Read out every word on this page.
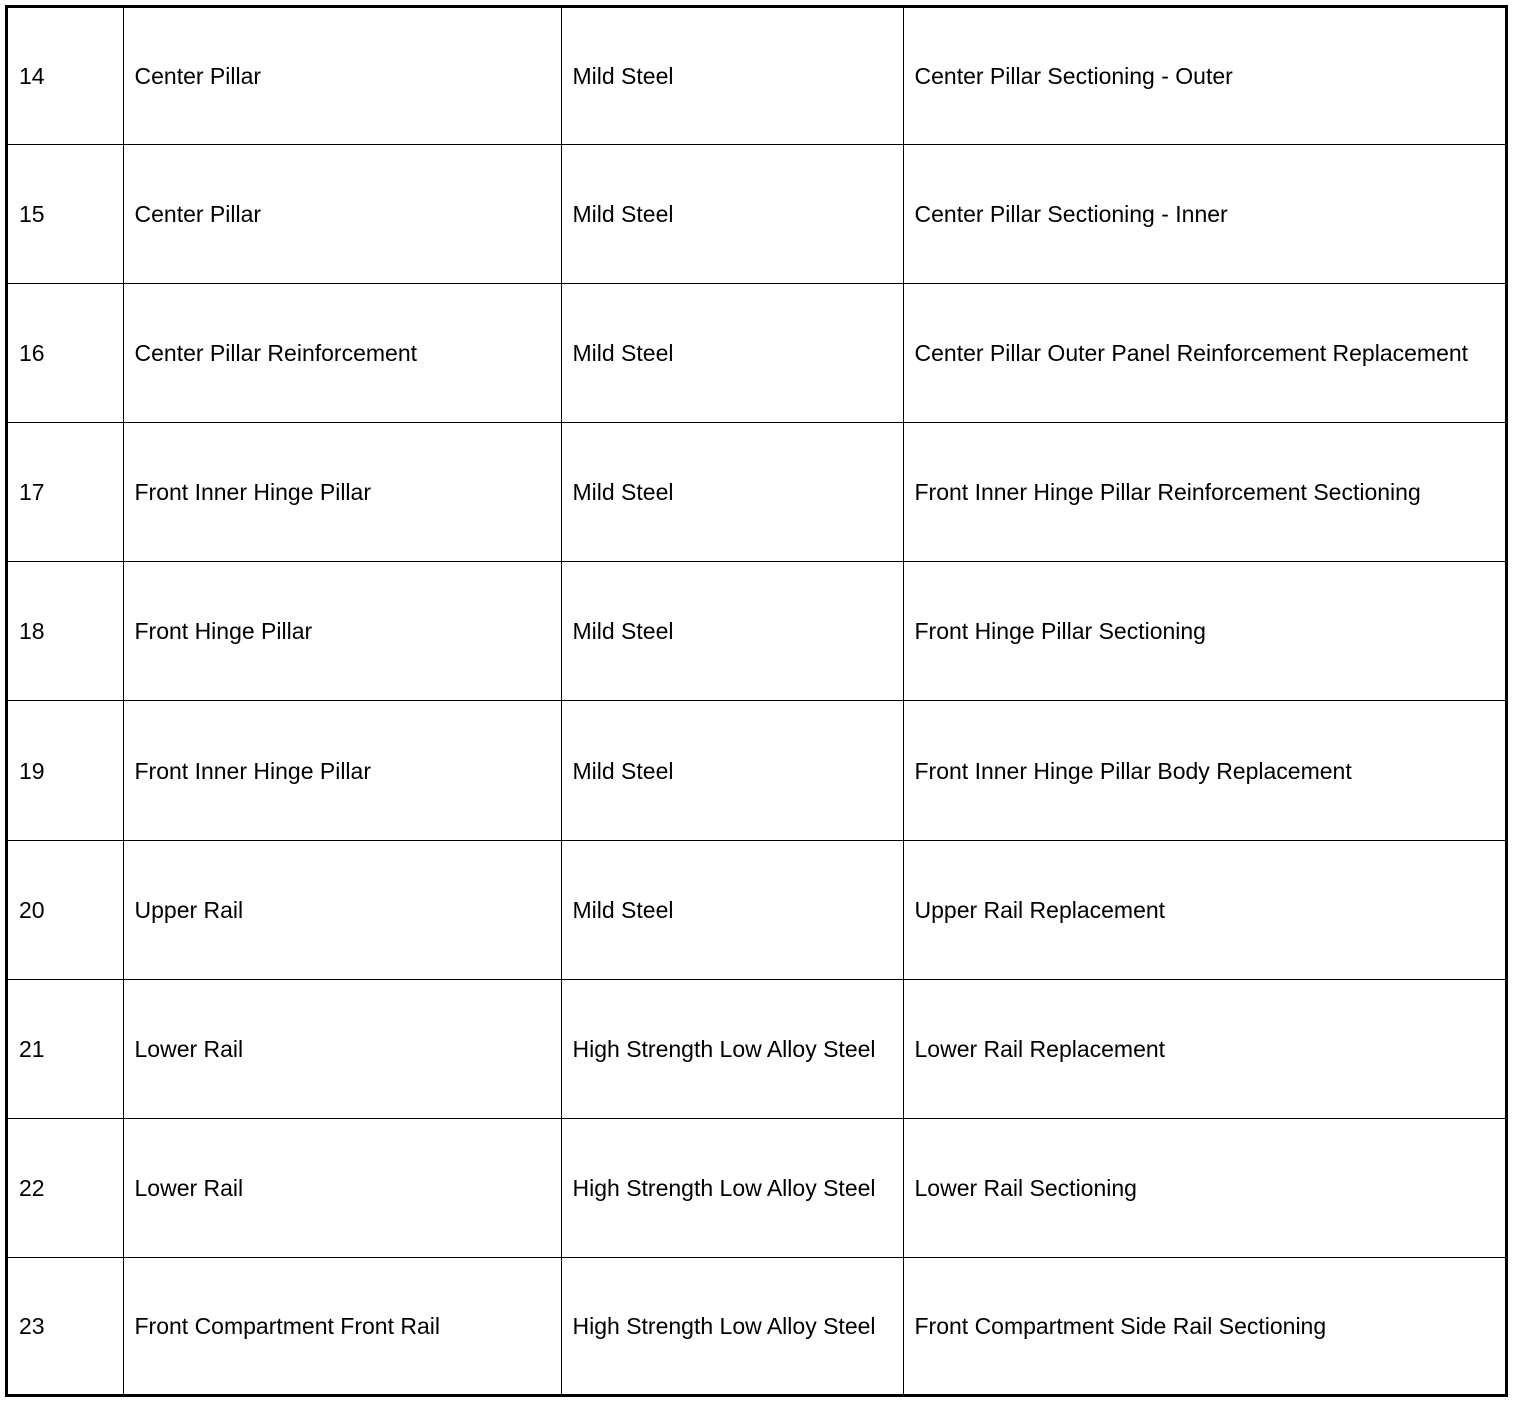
14	Center Pillar	Mild Steel	Center Pillar Sectioning - Outer
15	Center Pillar	Mild Steel	Center Pillar Sectioning - Inner
16	Center Pillar Reinforcement	Mild Steel	Center Pillar Outer Panel Reinforcement Replacement
17	Front Inner Hinge Pillar	Mild Steel	Front Inner Hinge Pillar Reinforcement Sectioning
18	Front Hinge Pillar	Mild Steel	Front Hinge Pillar Sectioning
19	Front Inner Hinge Pillar	Mild Steel	Front Inner Hinge Pillar Body Replacement
20	Upper Rail	Mild Steel	Upper Rail Replacement
21	Lower Rail	High Strength Low Alloy Steel	Lower Rail Replacement
22	Lower Rail	High Strength Low Alloy Steel	Lower Rail Sectioning
23	Front Compartment Front Rail	High Strength Low Alloy Steel	Front Compartment Side Rail Sectioning
